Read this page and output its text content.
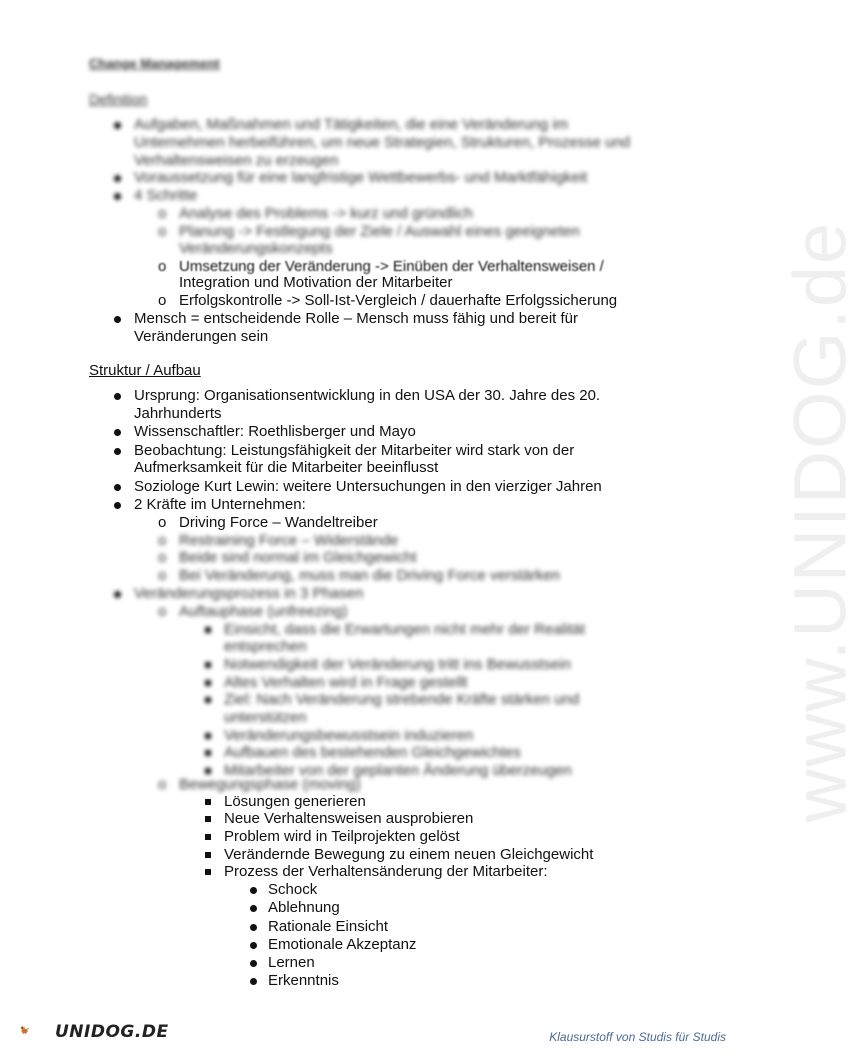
www.UNIDOG.de
Change Management
Definition
Aufgaben, Maßnahmen und Tätigkeiten, die eine Veränderung im
Unternehmen herbeiführen, um neue Strategien, Strukturen, Prozesse und
Verhaltensweisen zu erzeugen
Voraussetzung für eine langfristige Wettbewerbs- und Marktfähigkeit
4 Schritte
o Analyse des Problems -> kurz und gründlich
o Planung -> Festlegung der Ziele / Auswahl eines geeigneten
Veränderungskonzepts
o Umsetzung der Veränderung -> Einüben der Verhaltensweisen /
Integration und Motivation der Mitarbeiter
o Erfolgskontrolle -> Soll-Ist-Vergleich / dauerhafte Erfolgssicherung
Mensch = entscheidende Rolle – Mensch muss fähig und bereit für
Veränderungen sein
Struktur / Aufbau
Ursprung: Organisationsentwicklung in den USA der 30. Jahre des 20.
Jahrhunderts
Wissenschaftler: Roethlisberger und Mayo
Beobachtung: Leistungsfähigkeit der Mitarbeiter wird stark von der
Aufmerksamkeit für die Mitarbeiter beeinflusst
Soziologe Kurt Lewin: weitere Untersuchungen in den vierziger Jahren
2 Kräfte im Unternehmen:
o Driving Force – Wandeltreiber
o Restraining Force – Widerstände
o Beide sind normal im Gleichgewicht
o Bei Veränderung, muss man die Driving Force verstärken
Veränderungsprozess in 3 Phasen
o Auftauphase (unfreezing)
Einsicht, dass die Erwartungen nicht mehr der Realität
entsprechen
Notwendigkeit der Veränderung tritt ins Bewusstsein
Altes Verhalten wird in Frage gestellt
Ziel: Nach Veränderung strebende Kräfte stärken und
unterstützen
Veränderungsbewusstsein induzieren
Aufbauen des bestehenden Gleichgewichtes
Mitarbeiter von der geplanten Änderung überzeugen
o Bewegungsphase (moving)
Lösungen generieren
Neue Verhaltensweisen ausprobieren
Problem wird in Teilprojekten gelöst
Verändernde Bewegung zu einem neuen Gleichgewicht
Prozess der Verhaltensänderung der Mitarbeiter:
Schock
Ablehnung
Rationale Einsicht
Emotionale Akzeptanz
Lernen
Erkenntnis
UNIDOG.DE	Klausurstoff von Studis für Studis
